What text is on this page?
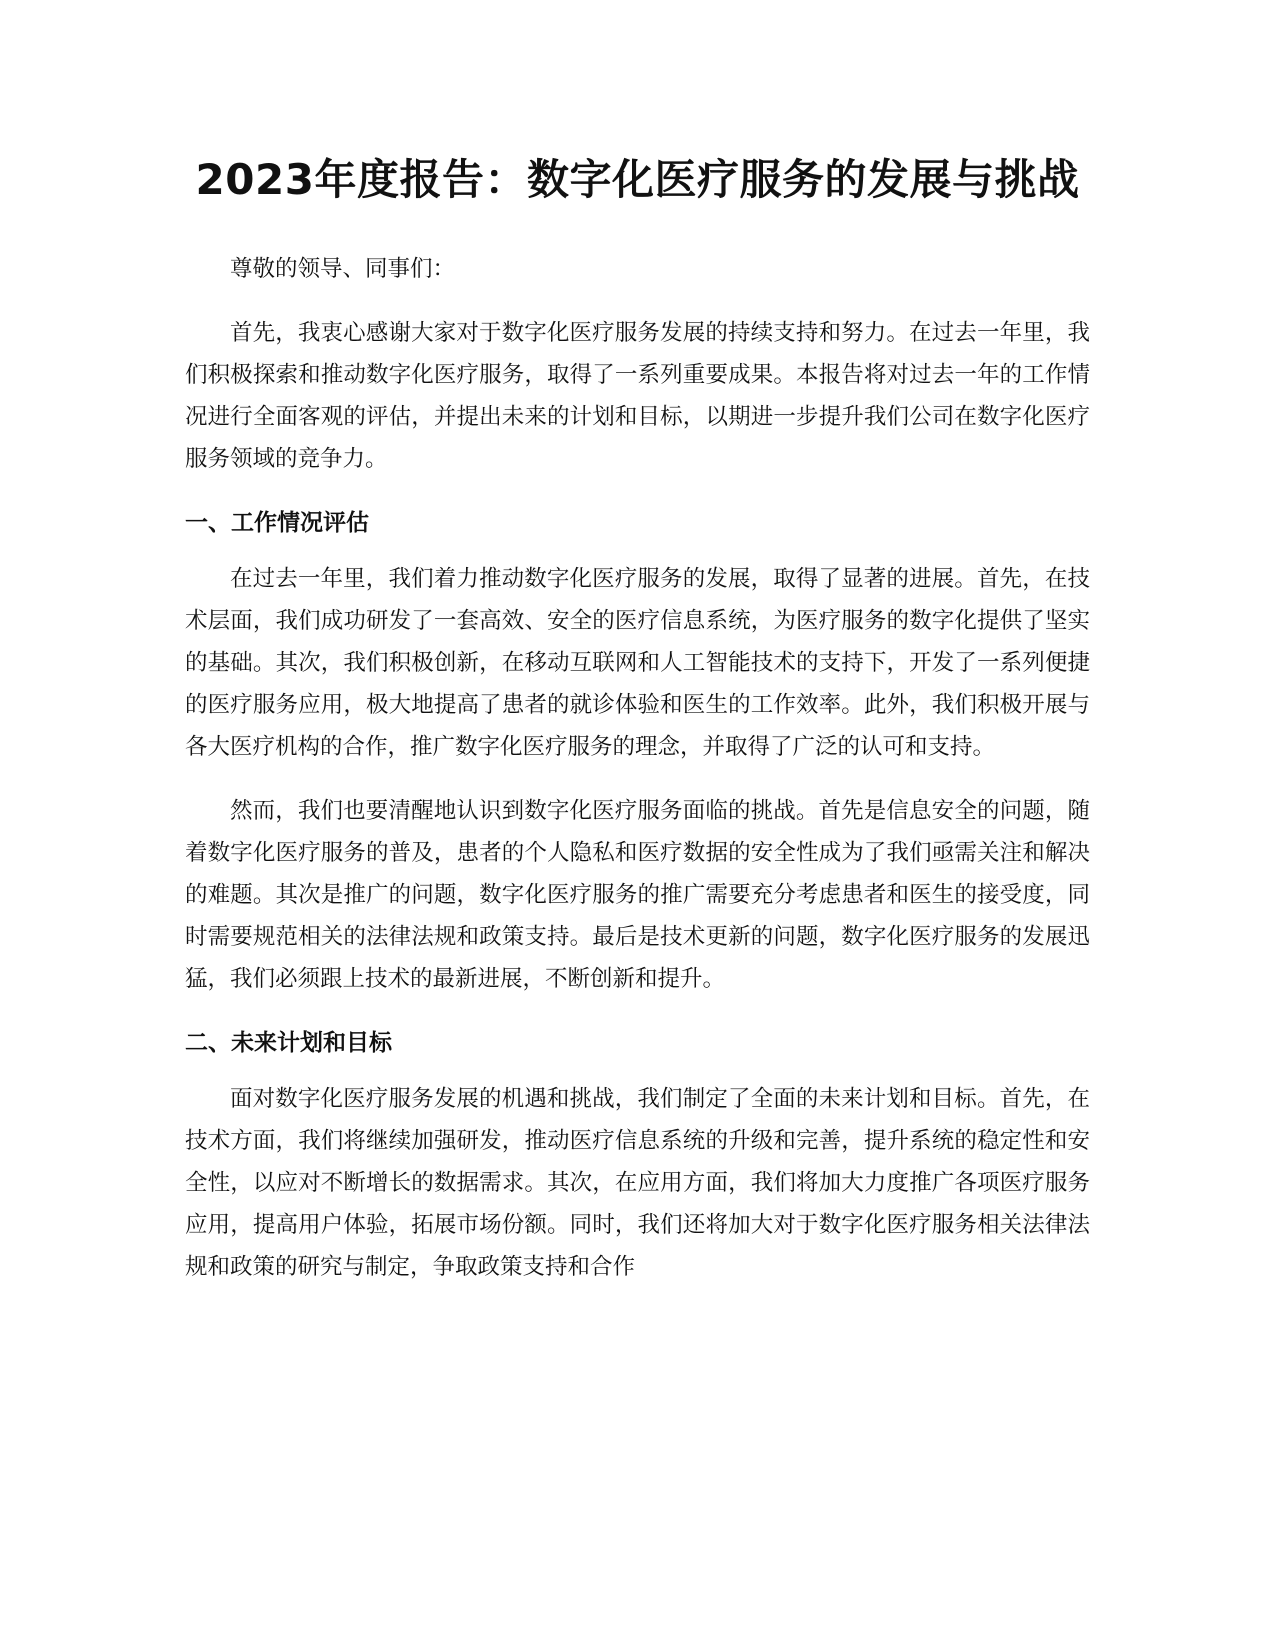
2023年度报告：数字化医疗服务的发展与挑战

尊敬的领导、同事们：

首先，我衷心感谢大家对于数字化医疗服务发展的持续支持和努力。在过去一年里，我们积极探索和推动数字化医疗服务，取得了一系列重要成果。本报告将对过去一年的工作情况进行全面客观的评估，并提出未来的计划和目标，以期进一步提升我们公司在数字化医疗服务领域的竞争力。

一、工作情况评估

在过去一年里，我们着力推动数字化医疗服务的发展，取得了显著的进展。首先，在技术层面，我们成功研发了一套高效、安全的医疗信息系统，为医疗服务的数字化提供了坚实的基础。其次，我们积极创新，在移动互联网和人工智能技术的支持下，开发了一系列便捷的医疗服务应用，极大地提高了患者的就诊体验和医生的工作效率。此外，我们积极开展与各大医疗机构的合作，推广数字化医疗服务的理念，并取得了广泛的认可和支持。

然而，我们也要清醒地认识到数字化医疗服务面临的挑战。首先是信息安全的问题，随着数字化医疗服务的普及，患者的个人隐私和医疗数据的安全性成为了我们亟需关注和解决的难题。其次是推广的问题，数字化医疗服务的推广需要充分考虑患者和医生的接受度，同时需要规范相关的法律法规和政策支持。最后是技术更新的问题，数字化医疗服务的发展迅猛，我们必须跟上技术的最新进展，不断创新和提升。

二、未来计划和目标

面对数字化医疗服务发展的机遇和挑战，我们制定了全面的未来计划和目标。首先，在技术方面，我们将继续加强研发，推动医疗信息系统的升级和完善，提升系统的稳定性和安全性，以应对不断增长的数据需求。其次，在应用方面，我们将加大力度推广各项医疗服务应用，提高用户体验，拓展市场份额。同时，我们还将加大对于数字化医疗服务相关法律法规和政策的研究与制定，争取政策支持和合作
